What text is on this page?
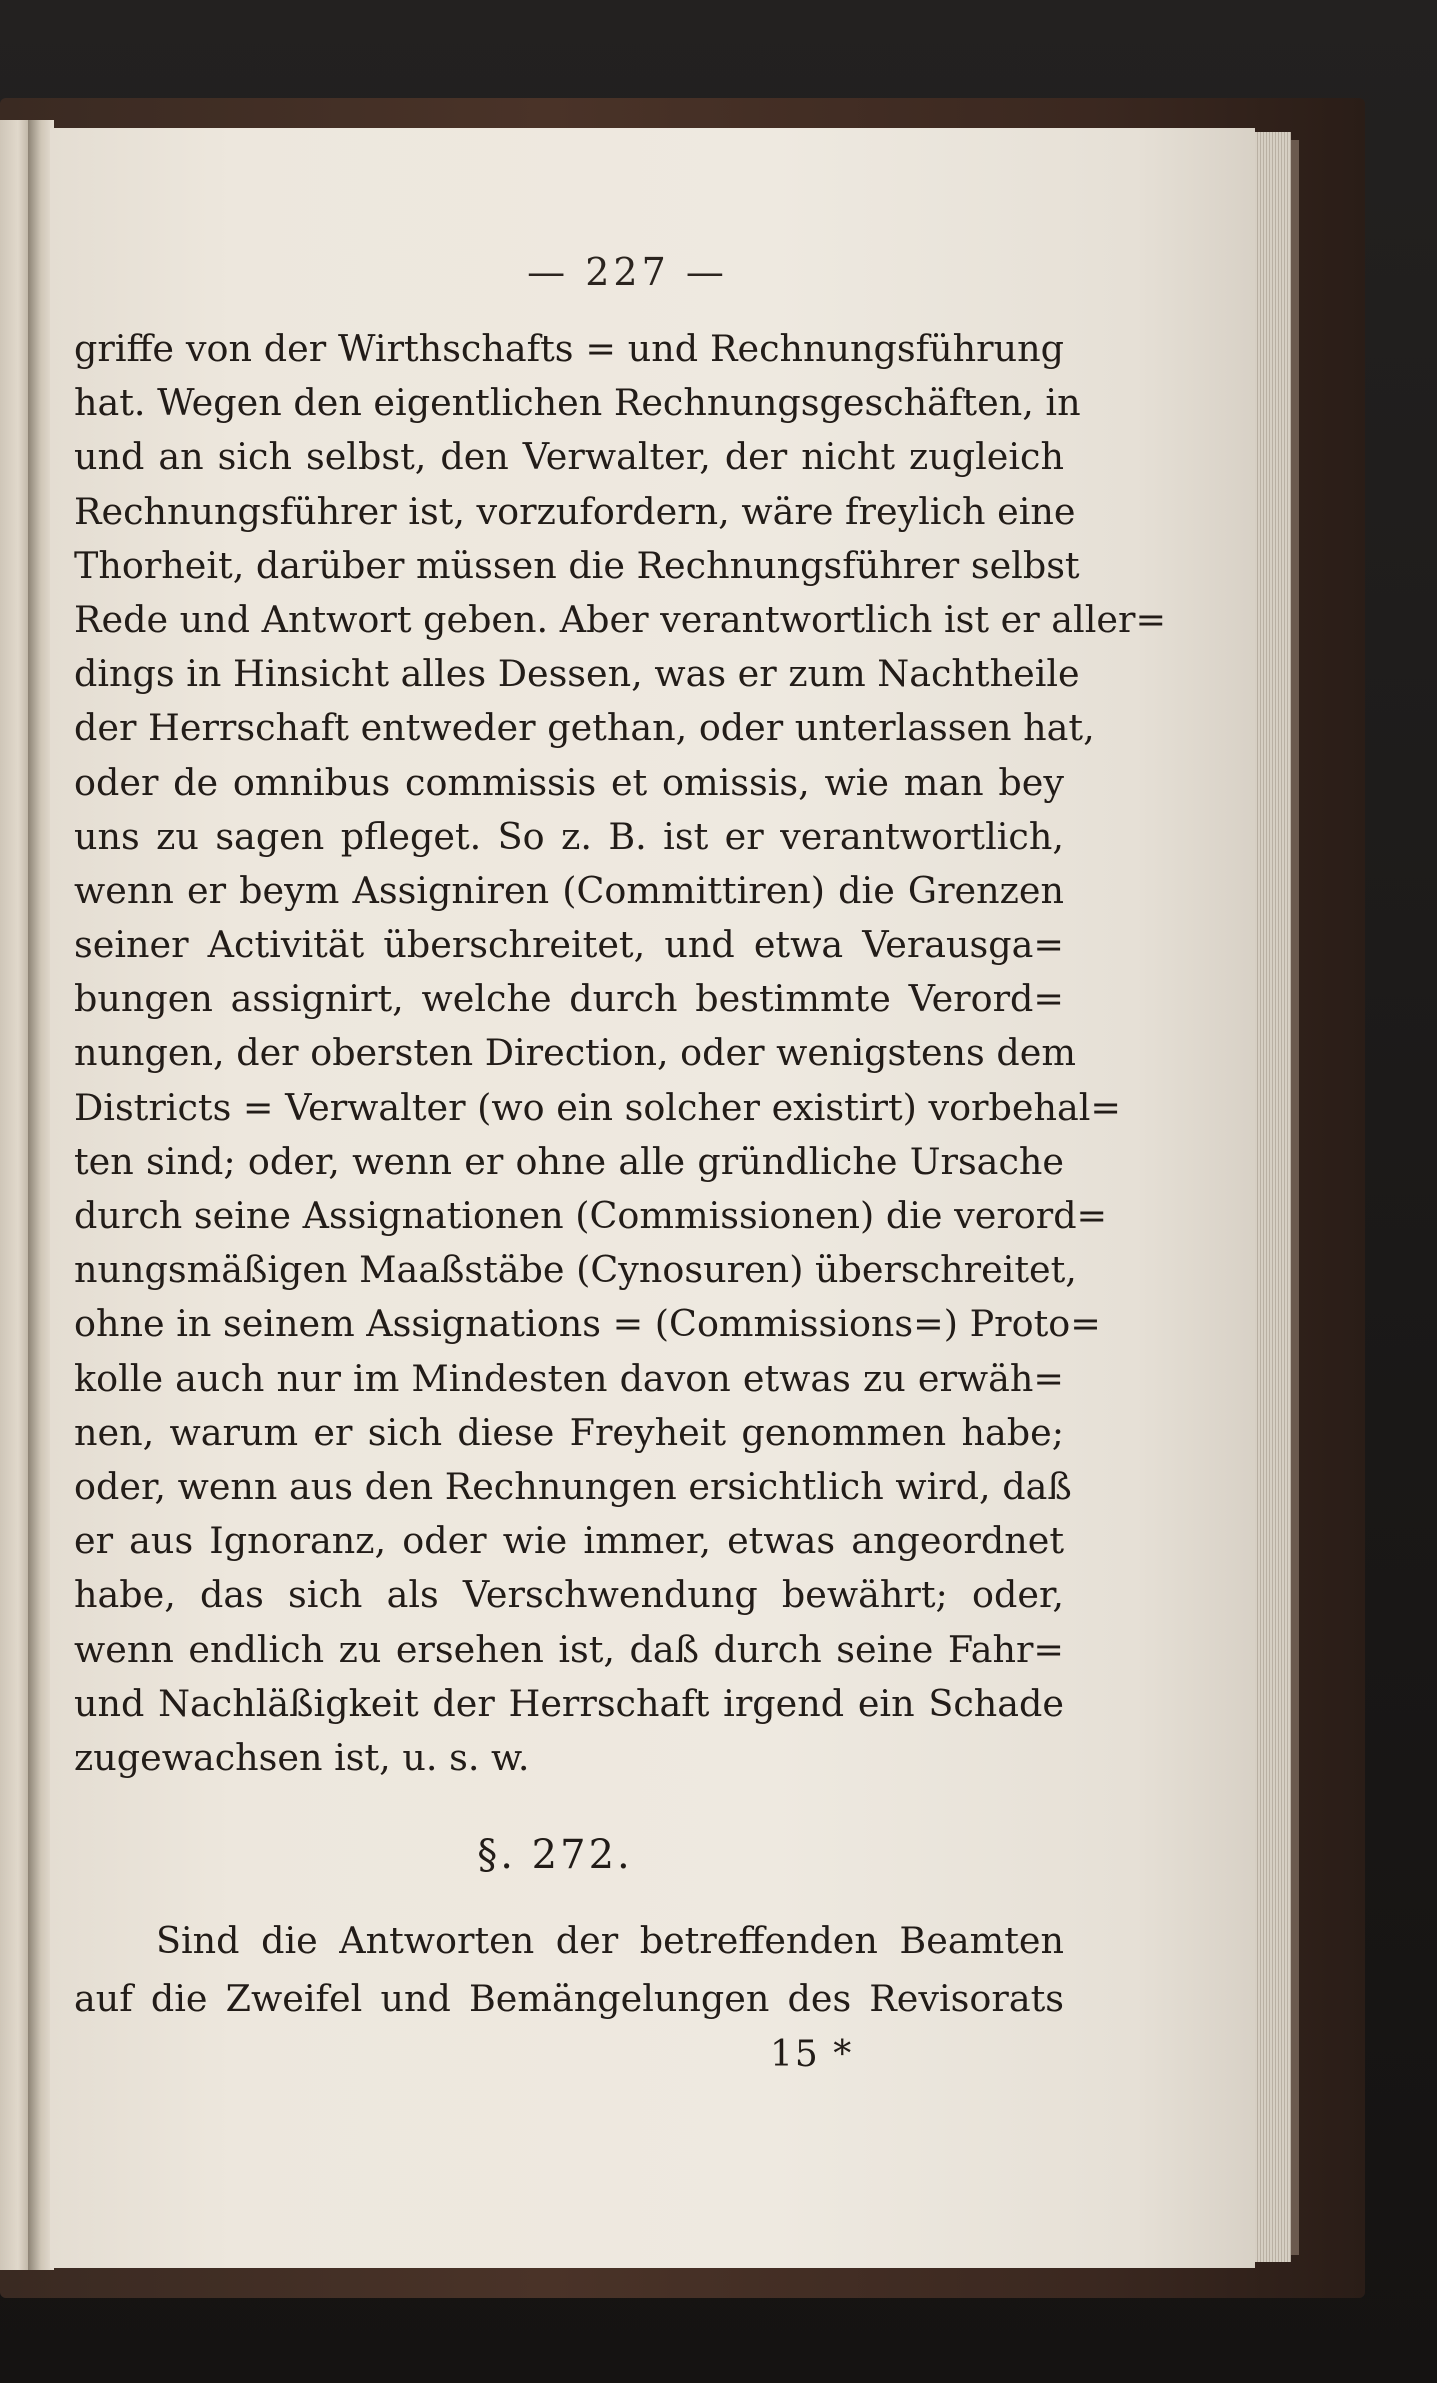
— 227 —
griffe von der Wirthschafts = und Rechnungsführung
hat. Wegen den eigentlichen Rechnungsgeschäften, in
und an sich selbst, den Verwalter, der nicht zugleich
Rechnungsführer ist, vorzufordern, wäre freylich eine
Thorheit, darüber müssen die Rechnungsführer selbst
Rede und Antwort geben. Aber verantwortlich ist er aller=
dings in Hinsicht alles Dessen, was er zum Nachtheile
der Herrschaft entweder gethan, oder unterlassen hat,
oder de omnibus commissis et omissis, wie man bey
uns zu sagen pfleget. So z. B. ist er verantwortlich,
wenn er beym Assigniren (Committiren) die Grenzen
seiner Activität überschreitet, und etwa Verausga=
bungen assignirt, welche durch bestimmte Verord=
nungen, der obersten Direction, oder wenigstens dem
Districts = Verwalter (wo ein solcher existirt) vorbehal=
ten sind; oder, wenn er ohne alle gründliche Ursache
durch seine Assignationen (Commissionen) die verord=
nungsmäßigen Maaßstäbe (Cynosuren) überschreitet,
ohne in seinem Assignations = (Commissions=) Proto=
kolle auch nur im Mindesten davon etwas zu erwäh=
nen, warum er sich diese Freyheit genommen habe;
oder, wenn aus den Rechnungen ersichtlich wird, daß
er aus Ignoranz, oder wie immer, etwas angeordnet
habe, das sich als Verschwendung bewährt; oder,
wenn endlich zu ersehen ist, daß durch seine Fahr=
und Nachläßigkeit der Herrschaft irgend ein Schade
zugewachsen ist, u. s. w.
§. 272.
Sind die Antworten der betreffenden Beamten
auf die Zweifel und Bemängelungen des Revisorats
15 *
